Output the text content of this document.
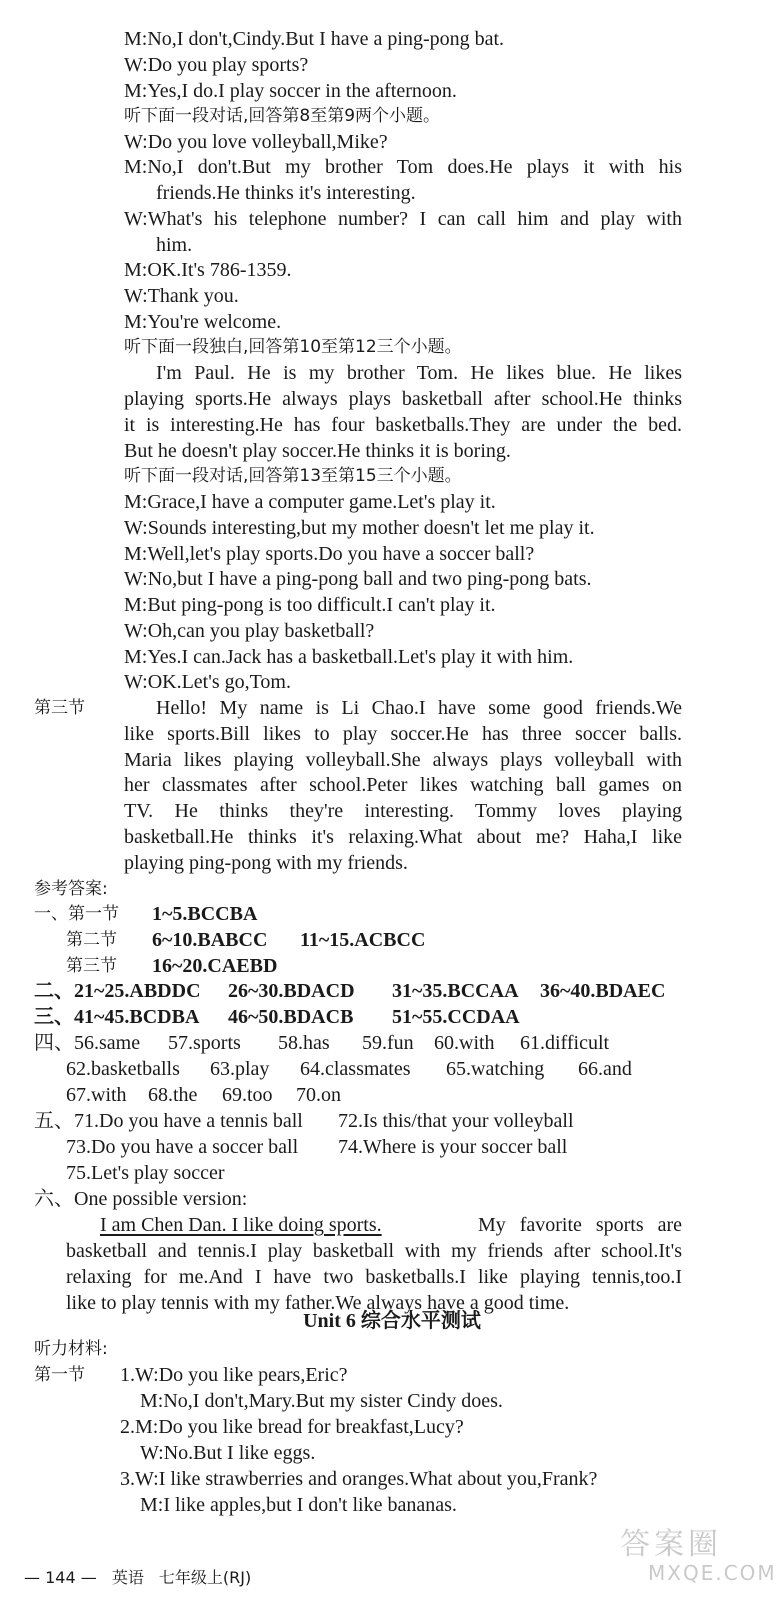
M:No,I don't,Cindy.But I have a ping-pong bat.
W:Do you play sports?
M:Yes,I do.I play soccer in the afternoon.
听下面一段对话,回答第8至第9两个小题。
W:Do you love volleyball,Mike?
M:No,I don't.But my brother Tom does.He plays it with his
friends.He thinks it's interesting.
W:What's his telephone number? I can call him and play with
him.
M:OK.It's 786-1359.
W:Thank you.
M:You're welcome.
听下面一段独白,回答第10至第12三个小题。
I'm Paul. He is my brother Tom. He likes blue. He likes
playing sports.He always plays basketball after school.He thinks
it is interesting.He has four basketballs.They are under the bed.
But he doesn't play soccer.He thinks it is boring.
听下面一段对话,回答第13至第15三个小题。
M:Grace,I have a computer game.Let's play it.
W:Sounds interesting,but my mother doesn't let me play it.
M:Well,let's play sports.Do you have a soccer ball?
W:No,but I have a ping-pong ball and two ping-pong bats.
M:But ping-pong is too difficult.I can't play it.
W:Oh,can you play basketball?
M:Yes.I can.Jack has a basketball.Let's play it with him.
W:OK.Let's go,Tom.
第三节	Hello! My name is Li Chao.I have some good friends.We
like sports.Bill likes to play soccer.He has three soccer balls.
Maria likes playing volleyball.She always plays volleyball with
her classmates after school.Peter likes watching ball games on
TV. He thinks they're interesting. Tommy loves playing
basketball.He thinks it's relaxing.What about me? Haha,I like
playing ping-pong with my friends.
参考答案:
一、第一节 1~5.BCCBA
第二节 6~10.BABCC 11~15.ACBCC
第三节 16~20.CAEBD
二、21~25.ABDDC 26~30.BDACD 31~35.BCCAA 36~40.BDAEC
三、41~45.BCDBA 46~50.BDACB 51~55.CCDAA
四、56.same 57.sports 58.has 59.fun 60.with 61.difficult
62.basketballs 63.play 64.classmates 65.watching 66.and
67.with 68.the 69.too 70.on
五、71.Do you have a tennis ball 72.Is this/that your volleyball
73.Do you have a soccer ball 74.Where is your soccer ball
75.Let's play soccer
六、One possible version:
I am Chen Dan. I like doing sports.	My favorite sports are
basketball and tennis.I play basketball with my friends after school.It's
relaxing for me.And I have two basketballs.I like playing tennis,too.I
like to play tennis with my father.We always have a good time.
Unit 6 综合水平测试
听力材料:
第一节 1.W:Do you like pears,Eric?
M:No,I don't,Mary.But my sister Cindy does.
2.M:Do you like bread for breakfast,Lucy?
W:No.But I like eggs.
3.W:I like strawberries and oranges.What about you,Frank?
M:I like apples,but I don't like bananas.
— 144 — 英语 七年级上(RJ)
答案圈
MXQE.COM
